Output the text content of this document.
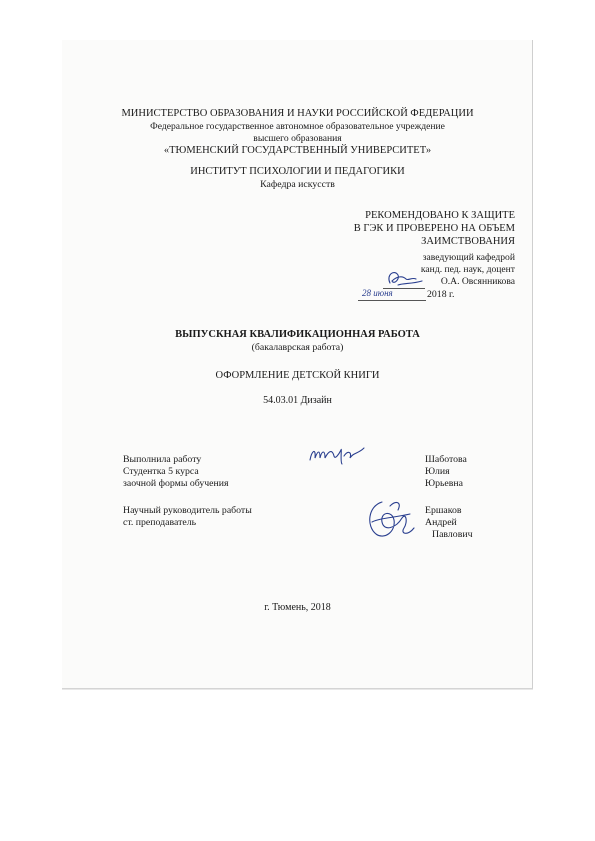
МИНИСТЕРСТВО ОБРАЗОВАНИЯ И НАУКИ РОССИЙСКОЙ ФЕДЕРАЦИИ
Федеральное государственное автономное образовательное учреждение
высшего образования
«ТЮМЕНСКИЙ ГОСУДАРСТВЕННЫЙ УНИВЕРСИТЕТ»
ИНСТИТУТ ПСИХОЛОГИИ И ПЕДАГОГИКИ
Кафедра искусств
РЕКОМЕНДОВАНО К ЗАЩИТЕ
В ГЭК И ПРОВЕРЕНО НА ОБЪЕМ
ЗАИМСТВОВАНИЯ
заведующий кафедрой
канд. пед. наук, доцент
О.А. Овсянникова
28 июня	2018 г.
ВЫПУСКНАЯ КВАЛИФИКАЦИОННАЯ РАБОТА
(бакалаврская работа)
ОФОРМЛЕНИЕ ДЕТСКОЙ КНИГИ
54.03.01 Дизайн
Выполнила работу
Студентка 5 курса
заочной формы обучения
Шаботова
Юлия
Юрьевна
Научный руководитель работы
ст. преподаватель
Ершаков
Андрей
Павлович
г. Тюмень, 2018
